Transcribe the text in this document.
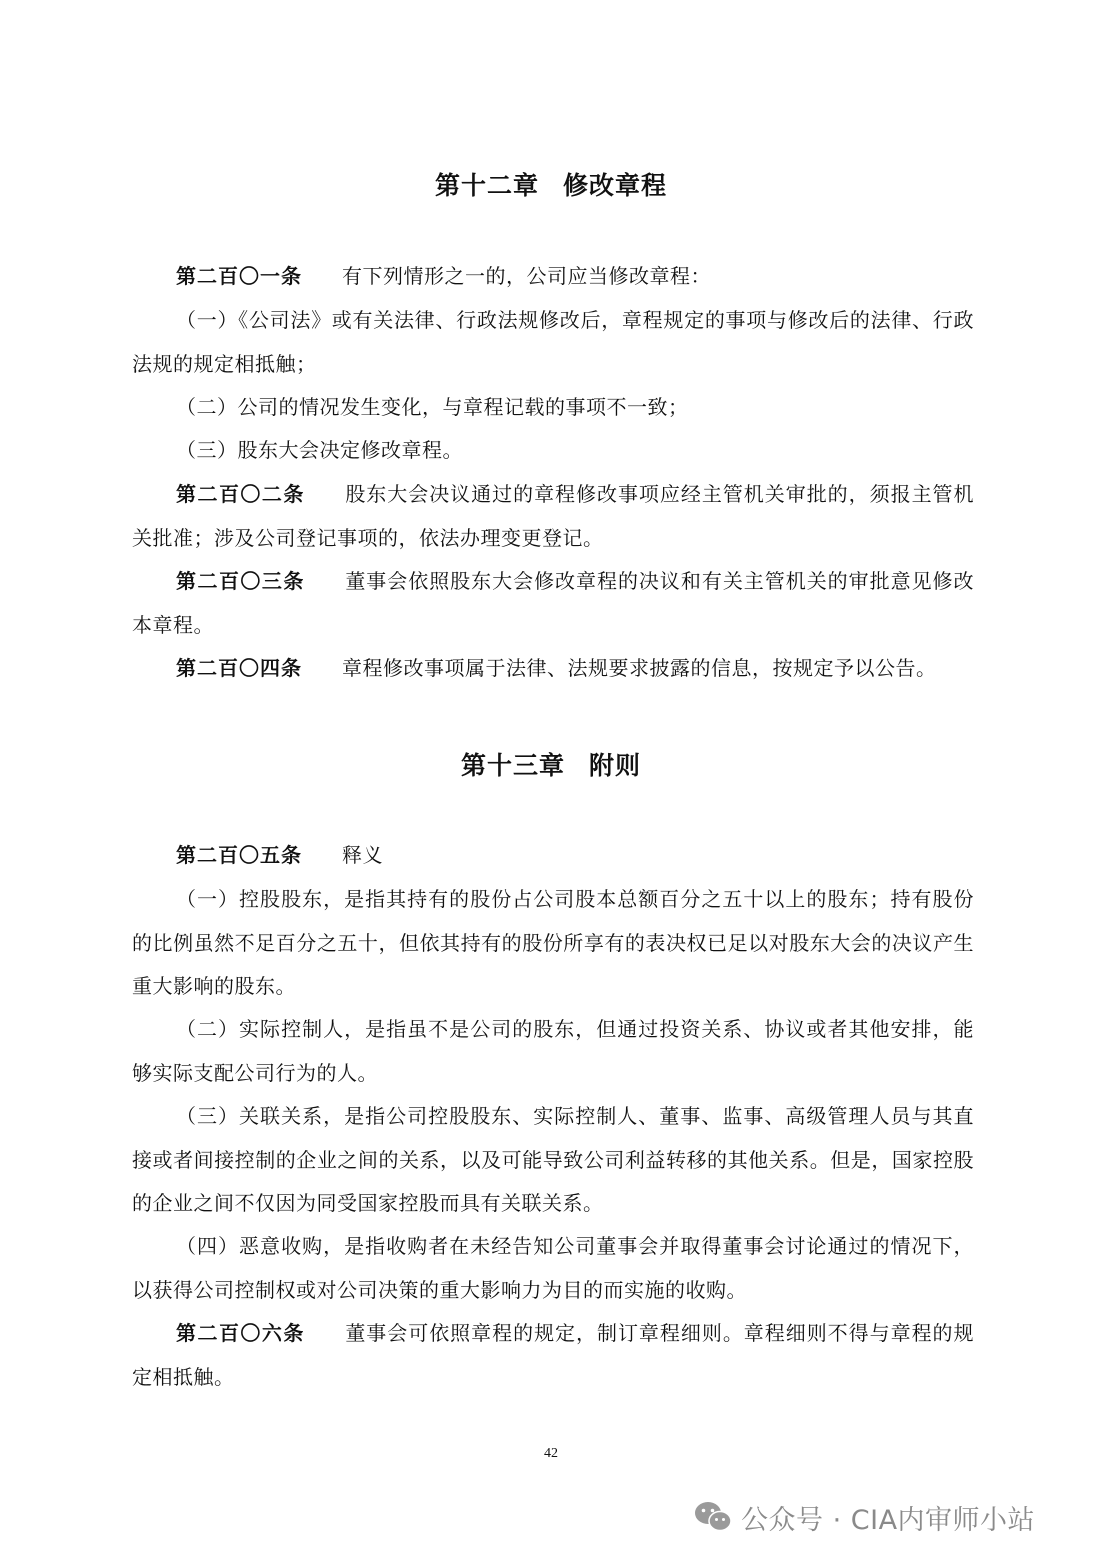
第十二章 修改章程

第二百〇一条 有下列情形之一的，公司应当修改章程：

（一）《公司法》或有关法律、行政法规修改后，章程规定的事项与修改后的法律、行政法规的规定相抵触；

（二）公司的情况发生变化，与章程记载的事项不一致；

（三）股东大会决定修改章程。

第二百〇二条 股东大会决议通过的章程修改事项应经主管机关审批的，须报主管机关批准；涉及公司登记事项的，依法办理变更登记。

第二百〇三条 董事会依照股东大会修改章程的决议和有关主管机关的审批意见修改本章程。

第二百〇四条 章程修改事项属于法律、法规要求披露的信息，按规定予以公告。

第十三章 附则

第二百〇五条 释义

（一）控股股东，是指其持有的股份占公司股本总额百分之五十以上的股东；持有股份的比例虽然不足百分之五十，但依其持有的股份所享有的表决权已足以对股东大会的决议产生重大影响的股东。

（二）实际控制人，是指虽不是公司的股东，但通过投资关系、协议或者其他安排，能够实际支配公司行为的人。

（三）关联关系，是指公司控股股东、实际控制人、董事、监事、高级管理人员与其直接或者间接控制的企业之间的关系，以及可能导致公司利益转移的其他关系。但是，国家控股的企业之间不仅因为同受国家控股而具有关联关系。

（四）恶意收购，是指收购者在未经告知公司董事会并取得董事会讨论通过的情况下，以获得公司控制权或对公司决策的重大影响力为目的而实施的收购。

第二百〇六条 董事会可依照章程的规定，制订章程细则。章程细则不得与章程的规定相抵触。

42
公众号 · CIA内审师小站
